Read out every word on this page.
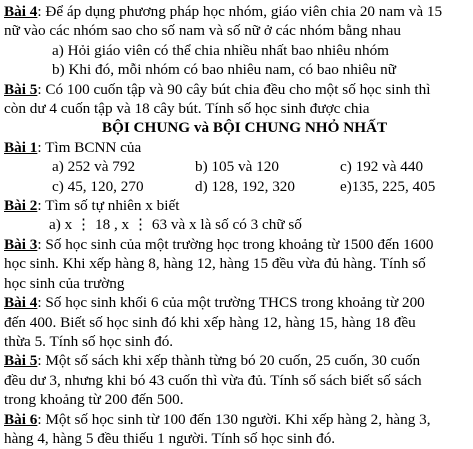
Bài 4: Để áp dụng phương pháp học nhóm, giáo viên chia 20 nam và 15
nữ vào các nhóm sao cho số nam và số nữ ở các nhóm bằng nhau
a) Hỏi giáo viên có thể chia nhiều nhất bao nhiêu nhóm
b) Khi đó, mỗi nhóm có bao nhiêu nam, có bao nhiêu nữ
Bài 5: Có 100 cuốn tập và 90 cây bút chia đều cho một số học sinh thì
còn dư 4 cuốn tập và 18 cây bút. Tính số học sinh được chia
BỘI CHUNG và BỘI CHUNG NHỎ NHẤT
Bài 1: Tìm BCNN của
a) 252 và 792	b) 105 và 120	c) 192 và 440
c) 45, 120, 270	d) 128, 192, 320	e)135, 225, 405
Bài 2: Tìm số tự nhiên x biết
a) x ⋮ 18 , x ⋮ 63 và x là số có 3 chữ số
Bài 3: Số học sinh của một trường học trong khoảng từ 1500 đến 1600
học sinh. Khi xếp hàng 8, hàng 12, hàng 15 đều vừa đủ hàng. Tính số
học sinh của trường
Bài 4: Số học sinh khối 6 của một trường THCS trong khoảng từ 200
đến 400. Biết số học sinh đó khi xếp hàng 12, hàng 15, hàng 18 đều
thừa 5. Tính số học sinh đó.
Bài 5: Một số sách khi xếp thành từng bó 20 cuốn, 25 cuốn, 30 cuốn
đều dư 3, nhưng khi bó 43 cuốn thì vừa đủ. Tính số sách biết số sách
trong khoảng từ 200 đến 500.
Bài 6: Một số học sinh từ 100 đến 130 người. Khi xếp hàng 2, hàng 3,
hàng 4, hàng 5 đều thiếu 1 người. Tính số học sinh đó.
